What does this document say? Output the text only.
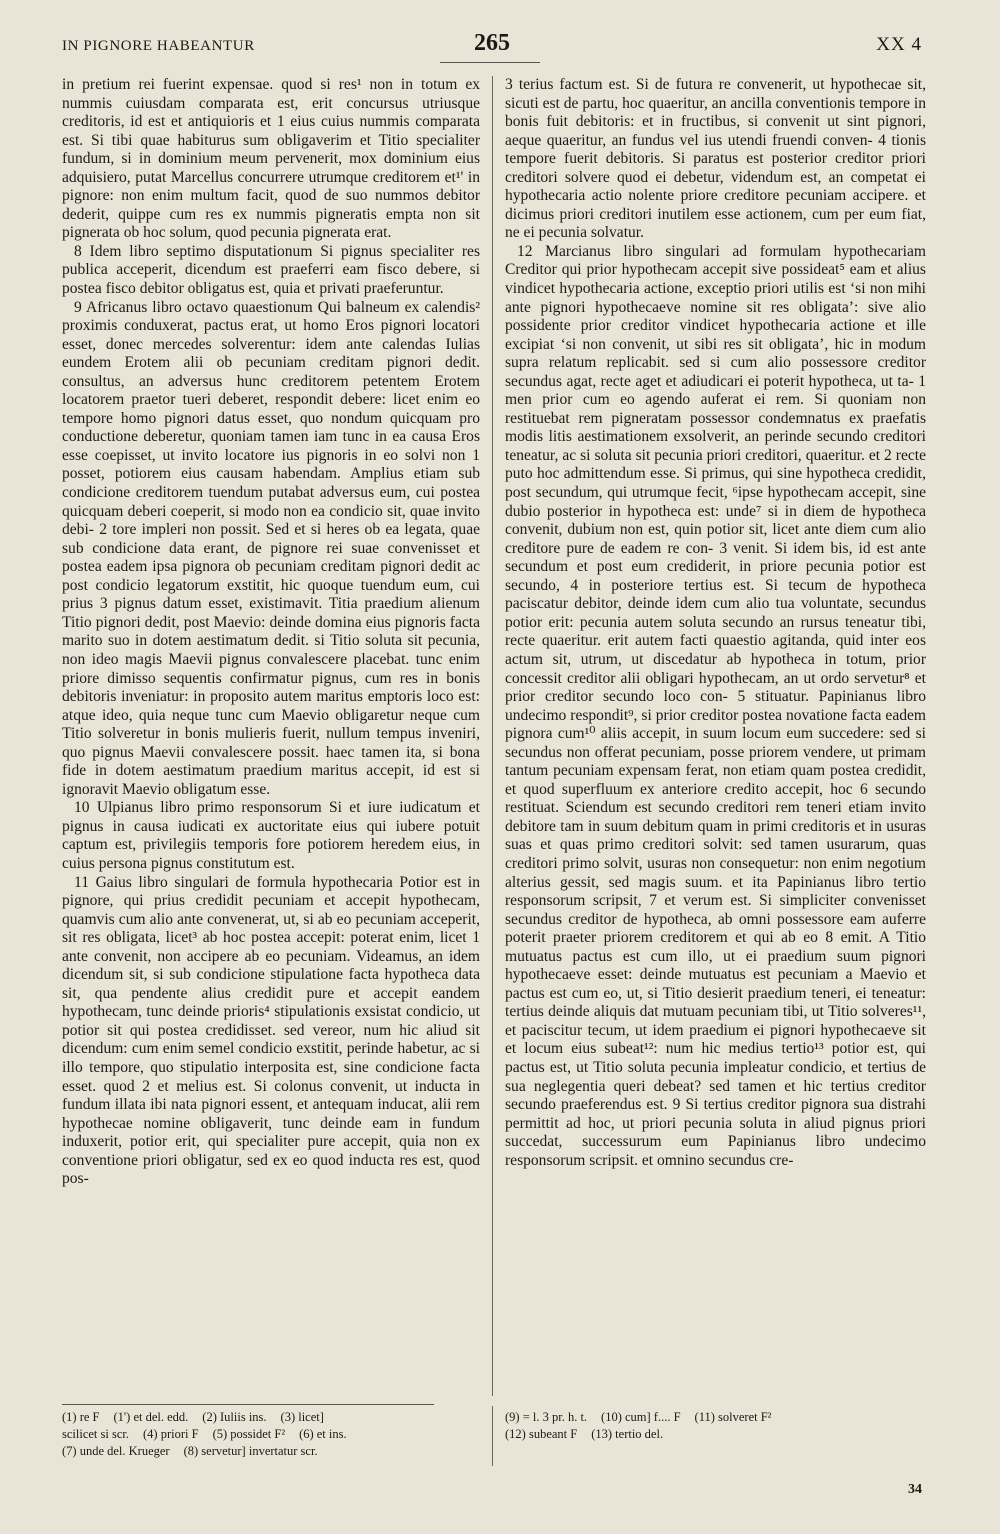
IN PIGNORE HABEANTUR	265	XX 4

in pretium rei fuerint expensae. quod si res¹ non in totum ex nummis cuiusdam comparata est, erit concursus utriusque creditoris, id est et antiquioris et 1 eius cuius nummis comparata est. Si tibi quae habiturus sum obligaverim et Titio specialiter fundum, si in dominium meum pervenerit, mox dominium eius adquisiero, putat Marcellus concurrere utrumque creditorem et¹' in pignore: non enim multum facit, quod de suo nummos debitor dederit, quippe cum res ex nummis pigneratis empta non sit pignerata ob hoc solum, quod pecunia pignerata erat.

8 Idem libro septimo disputationum Si pignus specialiter res publica acceperit, dicendum est praeferri eam fisco debere, si postea fisco debitor obligatus est, quia et privati praeferuntur.

9 Africanus libro octavo quaestionum Qui balneum ex calendis² proximis conduxerat, pactus erat, ut homo Eros pignori locatori esset, donec mercedes solverentur: idem ante calendas Iulias eundem Erotem alii ob pecuniam creditam pignori dedit. consultus, an adversus hunc creditorem petentem Erotem locatorem praetor tueri deberet, respondit debere: licet enim eo tempore homo pignori datus esset, quo nondum quicquam pro conductione deberetur, quoniam tamen iam tunc in ea causa Eros esse coepisset, ut invito locatore ius pignoris in eo solvi non 1 posset, potiorem eius causam habendam. Amplius etiam sub condicione creditorem tuendum putabat adversus eum, cui postea quicquam deberi coeperit, si modo non ea condicio sit, quae invito debi- 2 tore impleri non possit. Sed et si heres ob ea legata, quae sub condicione data erant, de pignore rei suae convenisset et postea eadem ipsa pignora ob pecuniam creditam pignori dedit ac post condicio legatorum exstitit, hic quoque tuendum eum, cui prius 3 pignus datum esset, existimavit. Titia praedium alienum Titio pignori dedit, post Maevio: deinde domina eius pignoris facta marito suo in dotem aestimatum dedit. si Titio soluta sit pecunia, non ideo magis Maevii pignus convalescere placebat. tunc enim priore dimisso sequentis confirmatur pignus, cum res in bonis debitoris inveniatur: in proposito autem maritus emptoris loco est: atque ideo, quia neque tunc cum Maevio obligaretur neque cum Titio solveretur in bonis mulieris fuerit, nullum tempus inveniri, quo pignus Maevii convalescere possit. haec tamen ita, si bona fide in dotem aestimatum praedium maritus accepit, id est si ignoravit Maevio obligatum esse.

10 Ulpianus libro primo responsorum Si et iure iudicatum et pignus in causa iudicati ex auctoritate eius qui iubere potuit captum est, privilegiis temporis fore potiorem heredem eius, in cuius persona pignus constitutum est.

11 Gaius libro singulari de formula hypothecaria Potior est in pignore, qui prius credidit pecuniam et accepit hypothecam, quamvis cum alio ante convenerat, ut, si ab eo pecuniam acceperit, sit res obligata, licet³ ab hoc postea accepit: poterat enim, licet 1 ante convenit, non accipere ab eo pecuniam. Videamus, an idem dicendum sit, si sub condicione stipulatione facta hypotheca data sit, qua pendente alius credidit pure et accepit eandem hypothecam, tunc deinde prioris⁴ stipulationis exsistat condicio, ut potior sit qui postea credidisset. sed vereor, num hic aliud sit dicendum: cum enim semel condicio exstitit, perinde habetur, ac si illo tempore, quo stipulatio interposita est, sine condicione facta esset. quod 2 et melius est. Si colonus convenit, ut inducta in fundum illata ibi nata pignori essent, et antequam inducat, alii rem hypothecae nomine obligaverit, tunc deinde eam in fundum induxerit, potior erit, qui specialiter pure accepit, quia non ex conventione priori obligatur, sed ex eo quod inducta res est, quod pos-

3 terius factum est. Si de futura re convenerit, ut hypothecae sit, sicuti est de partu, hoc quaeritur, an ancilla conventionis tempore in bonis fuit debitoris: et in fructibus, si convenit ut sint pignori, aeque quaeritur, an fundus vel ius utendi fruendi conven- 4 tionis tempore fuerit debitoris. Si paratus est posterior creditor priori creditori solvere quod ei debetur, videndum est, an competat ei hypothecaria actio nolente priore creditore pecuniam accipere. et dicimus priori creditori inutilem esse actionem, cum per eum fiat, ne ei pecunia solvatur.

12 Marcianus libro singulari ad formulam hypothecariam Creditor qui prior hypothecam accepit sive possideat⁵ eam et alius vindicet hypothecaria actione, exceptio priori utilis est ‘si non mihi ante pignori hypothecaeve nomine sit res obligata’: sive alio possidente prior creditor vindicet hypothecaria actione et ille excipiat ‘si non convenit, ut sibi res sit obligata’, hic in modum supra relatum replicabit. sed si cum alio possessore creditor secundus agat, recte aget et adiudicari ei poterit hypotheca, ut ta- 1 men prior cum eo agendo auferat ei rem. Si quoniam non restituebat rem pigneratam possessor condemnatus ex praefatis modis litis aestimationem exsolverit, an perinde secundo creditori teneatur, ac si soluta sit pecunia priori creditori, quaeritur. et 2 recte puto hoc admittendum esse. Si primus, qui sine hypotheca credidit, post secundum, qui utrumque fecit, ⁶ipse hypothecam accepit, sine dubio posterior in hypotheca est: unde⁷ si in diem de hypotheca convenit, dubium non est, quin potior sit, licet ante diem cum alio creditore pure de eadem re con- 3 venit. Si idem bis, id est ante secundum et post eum crediderit, in priore pecunia potior est secundo, 4 in posteriore tertius est. Si tecum de hypotheca paciscatur debitor, deinde idem cum alio tua voluntate, secundus potior erit: pecunia autem soluta secundo an rursus teneatur tibi, recte quaeritur. erit autem facti quaestio agitanda, quid inter eos actum sit, utrum, ut discedatur ab hypotheca in totum, prior concessit creditor alii obligari hypothecam, an ut ordo servetur⁸ et prior creditor secundo loco con- 5 stituatur. Papinianus libro undecimo respondit⁹, si prior creditor postea novatione facta eadem pignora cum¹⁰ aliis accepit, in suum locum eum succedere: sed si secundus non offerat pecuniam, posse priorem vendere, ut primam tantum pecuniam expensam ferat, non etiam quam postea credidit, et quod superfluum ex anteriore credito accepit, hoc 6 secundo restituat. Sciendum est secundo creditori rem teneri etiam invito debitore tam in suum debitum quam in primi creditoris et in usuras suas et quas primo creditori solvit: sed tamen usurarum, quas creditori primo solvit, usuras non consequetur: non enim negotium alterius gessit, sed magis suum. et ita Papinianus libro tertio responsorum scripsit, 7 et verum est. Si simpliciter convenisset secundus creditor de hypotheca, ab omni possessore eam auferre poterit praeter priorem creditorem et qui ab eo 8 emit. A Titio mutuatus pactus est cum illo, ut ei praedium suum pignori hypothecaeve esset: deinde mutuatus est pecuniam a Maevio et pactus est cum eo, ut, si Titio desierit praedium teneri, ei teneatur: tertius deinde aliquis dat mutuam pecuniam tibi, ut Titio solveres¹¹, et paciscitur tecum, ut idem praedium ei pignori hypothecaeve sit et locum eius subeat¹²: num hic medius tertio¹³ potior est, qui pactus est, ut Titio soluta pecunia impleatur condicio, et tertius de sua neglegentia queri debeat? sed tamen et hic tertius creditor secundo praeferendus est. 9 Si tertius creditor pignora sua distrahi permittit ad hoc, ut priori pecunia soluta in aliud pignus priori succedat, successurum eum Papinianus libro undecimo responsorum scripsit. et omnino secundus cre-

(1) re F (1') et del. edd. (2) Iuliis ins. (3) licet]
scilicet si scr. (4) priori F (5) possidet F² (6) et ins.
(7) unde del. Krueger (8) servetur] invertatur scr.
(9) = l. 3 pr. h. t. (10) cum] f.... F (11) solveret F²
(12) subeant F (13) tertio del.
34
